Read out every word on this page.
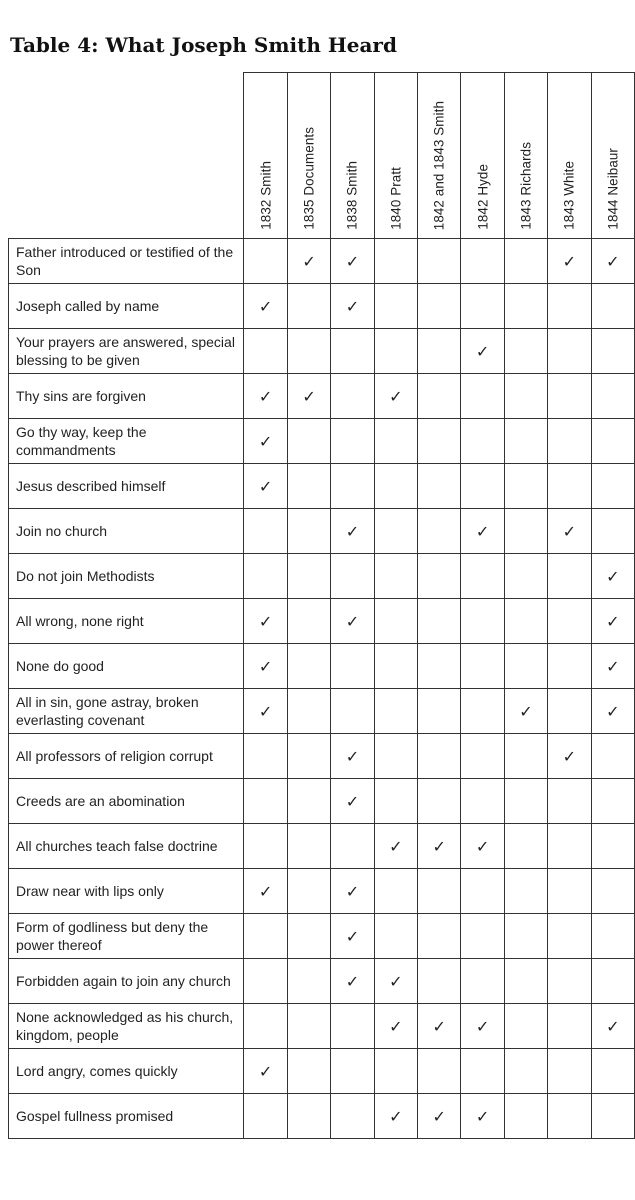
Table 4: What Joseph Smith Heard

	1832 Smith	1835 Documents	1838 Smith	1840 Pratt	1842 and 1843 Smith	1842 Hyde	1843 Richards	1843 White	1844 Neibaur

Father introduced or testified of the Son		✓	✓					✓	✓
Joseph called by name	✓		✓						
Your prayers are answered, special blessing to be given						✓			
Thy sins are forgiven	✓	✓		✓					
Go thy way, keep the commandments	✓								
Jesus described himself	✓								
Join no church			✓			✓		✓	
Do not join Methodists									✓
All wrong, none right	✓		✓						✓
None do good	✓								✓
All in sin, gone astray, broken everlasting covenant	✓						✓		✓
All professors of religion corrupt			✓					✓	
Creeds are an abomination			✓						
All churches teach false doctrine				✓	✓	✓			
Draw near with lips only	✓		✓						
Form of godliness but deny the power thereof			✓						
Forbidden again to join any church			✓	✓					
None acknowledged as his church, kingdom, people				✓	✓	✓			✓
Lord angry, comes quickly	✓								
Gospel fullness promised				✓	✓	✓			
